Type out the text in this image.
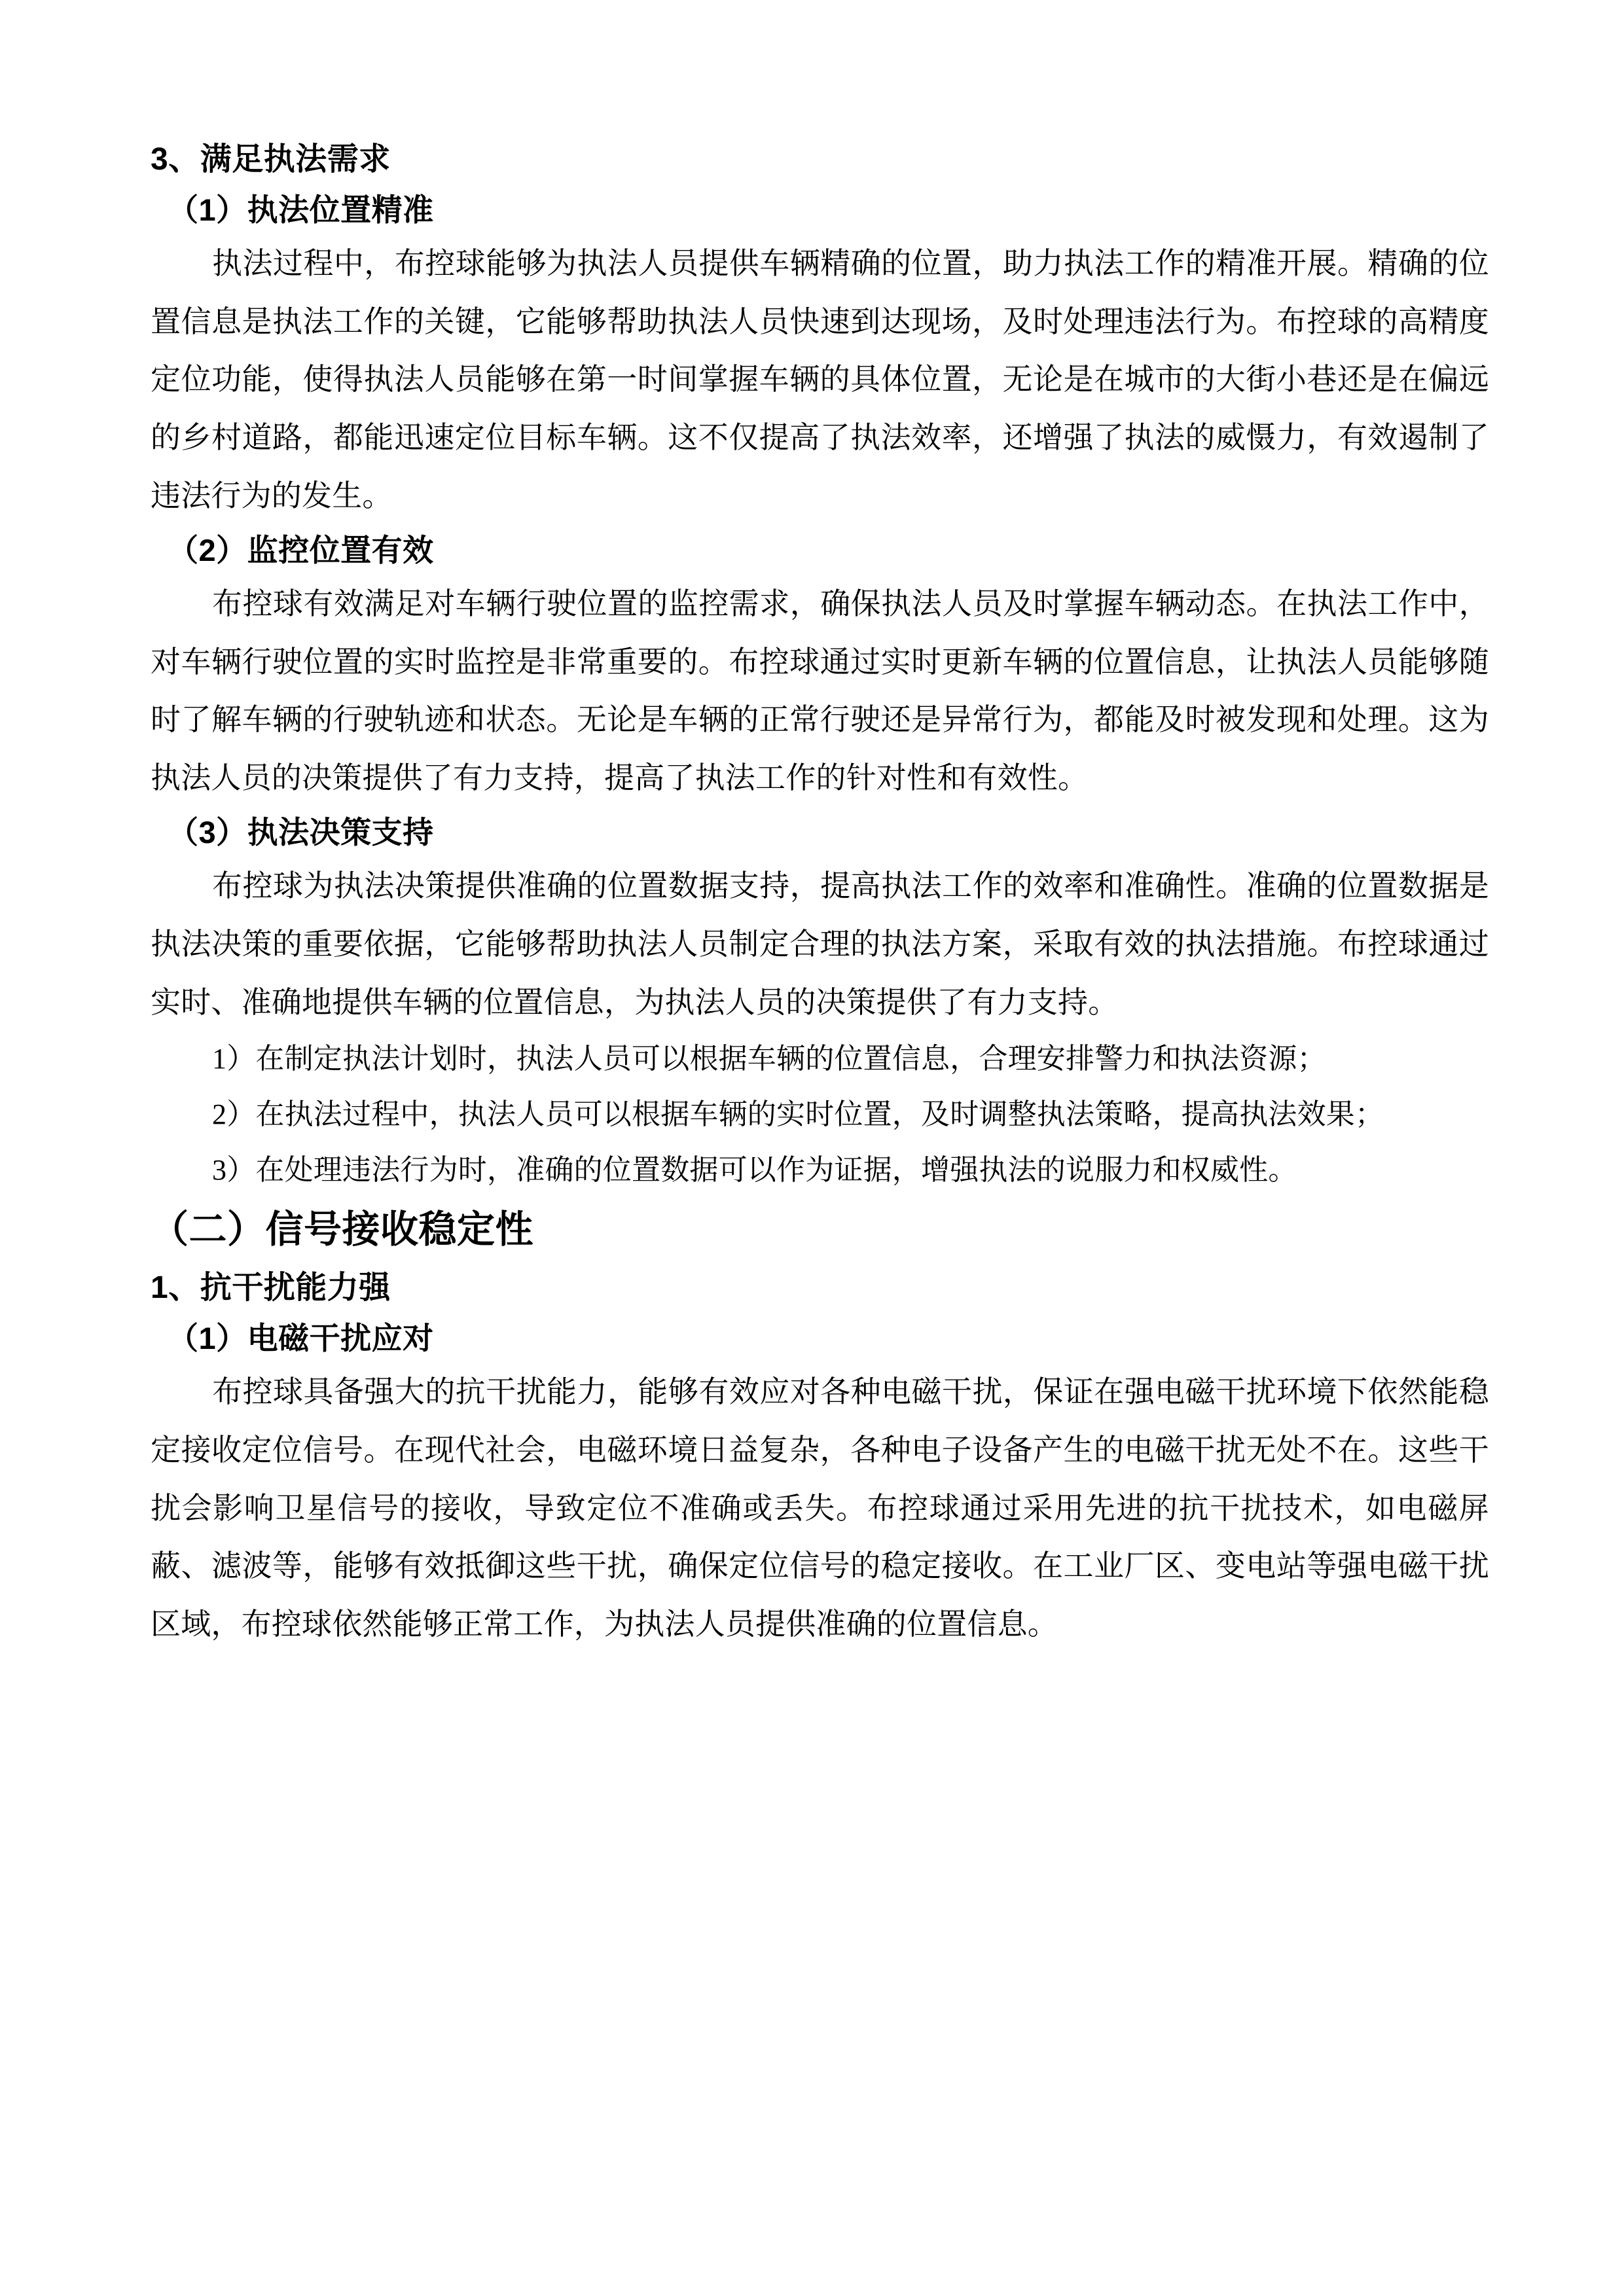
3、满足执法需求
（1）执法位置精准

执法过程中，布控球能够为执法人员提供车辆精确的位置，助力执法工作的精准开展。精确的位置信息是执法工作的关键，它能够帮助执法人员快速到达现场，及时处理违法行为。布控球的高精度定位功能，使得执法人员能够在第一时间掌握车辆的具体位置，无论是在城市的大街小巷还是在偏远的乡村道路，都能迅速定位目标车辆。这不仅提高了执法效率，还增强了执法的威慑力，有效遏制了违法行为的发生。

（2）监控位置有效

布控球有效满足对车辆行驶位置的监控需求，确保执法人员及时掌握车辆动态。在执法工作中，对车辆行驶位置的实时监控是非常重要的。布控球通过实时更新车辆的位置信息，让执法人员能够随时了解车辆的行驶轨迹和状态。无论是车辆的正常行驶还是异常行为，都能及时被发现和处理。这为执法人员的决策提供了有力支持，提高了执法工作的针对性和有效性。

（3）执法决策支持

布控球为执法决策提供准确的位置数据支持，提高执法工作的效率和准确性。准确的位置数据是执法决策的重要依据，它能够帮助执法人员制定合理的执法方案，采取有效的执法措施。布控球通过实时、准确地提供车辆的位置信息，为执法人员的决策提供了有力支持。

1）在制定执法计划时，执法人员可以根据车辆的位置信息，合理安排警力和执法资源；

2）在执法过程中，执法人员可以根据车辆的实时位置，及时调整执法策略，提高执法效果；

3）在处理违法行为时，准确的位置数据可以作为证据，增强执法的说服力和权威性。

（二）信号接收稳定性
1、抗干扰能力强
（1）电磁干扰应对

布控球具备强大的抗干扰能力，能够有效应对各种电磁干扰，保证在强电磁干扰环境下依然能稳定接收定位信号。在现代社会，电磁环境日益复杂，各种电子设备产生的电磁干扰无处不在。这些干扰会影响卫星信号的接收，导致定位不准确或丢失。布控球通过采用先进的抗干扰技术，如电磁屏蔽、滤波等，能够有效抵御这些干扰，确保定位信号的稳定接收。在工业厂区、变电站等强电磁干扰区域，布控球依然能够正常工作，为执法人员提供准确的位置信息。
